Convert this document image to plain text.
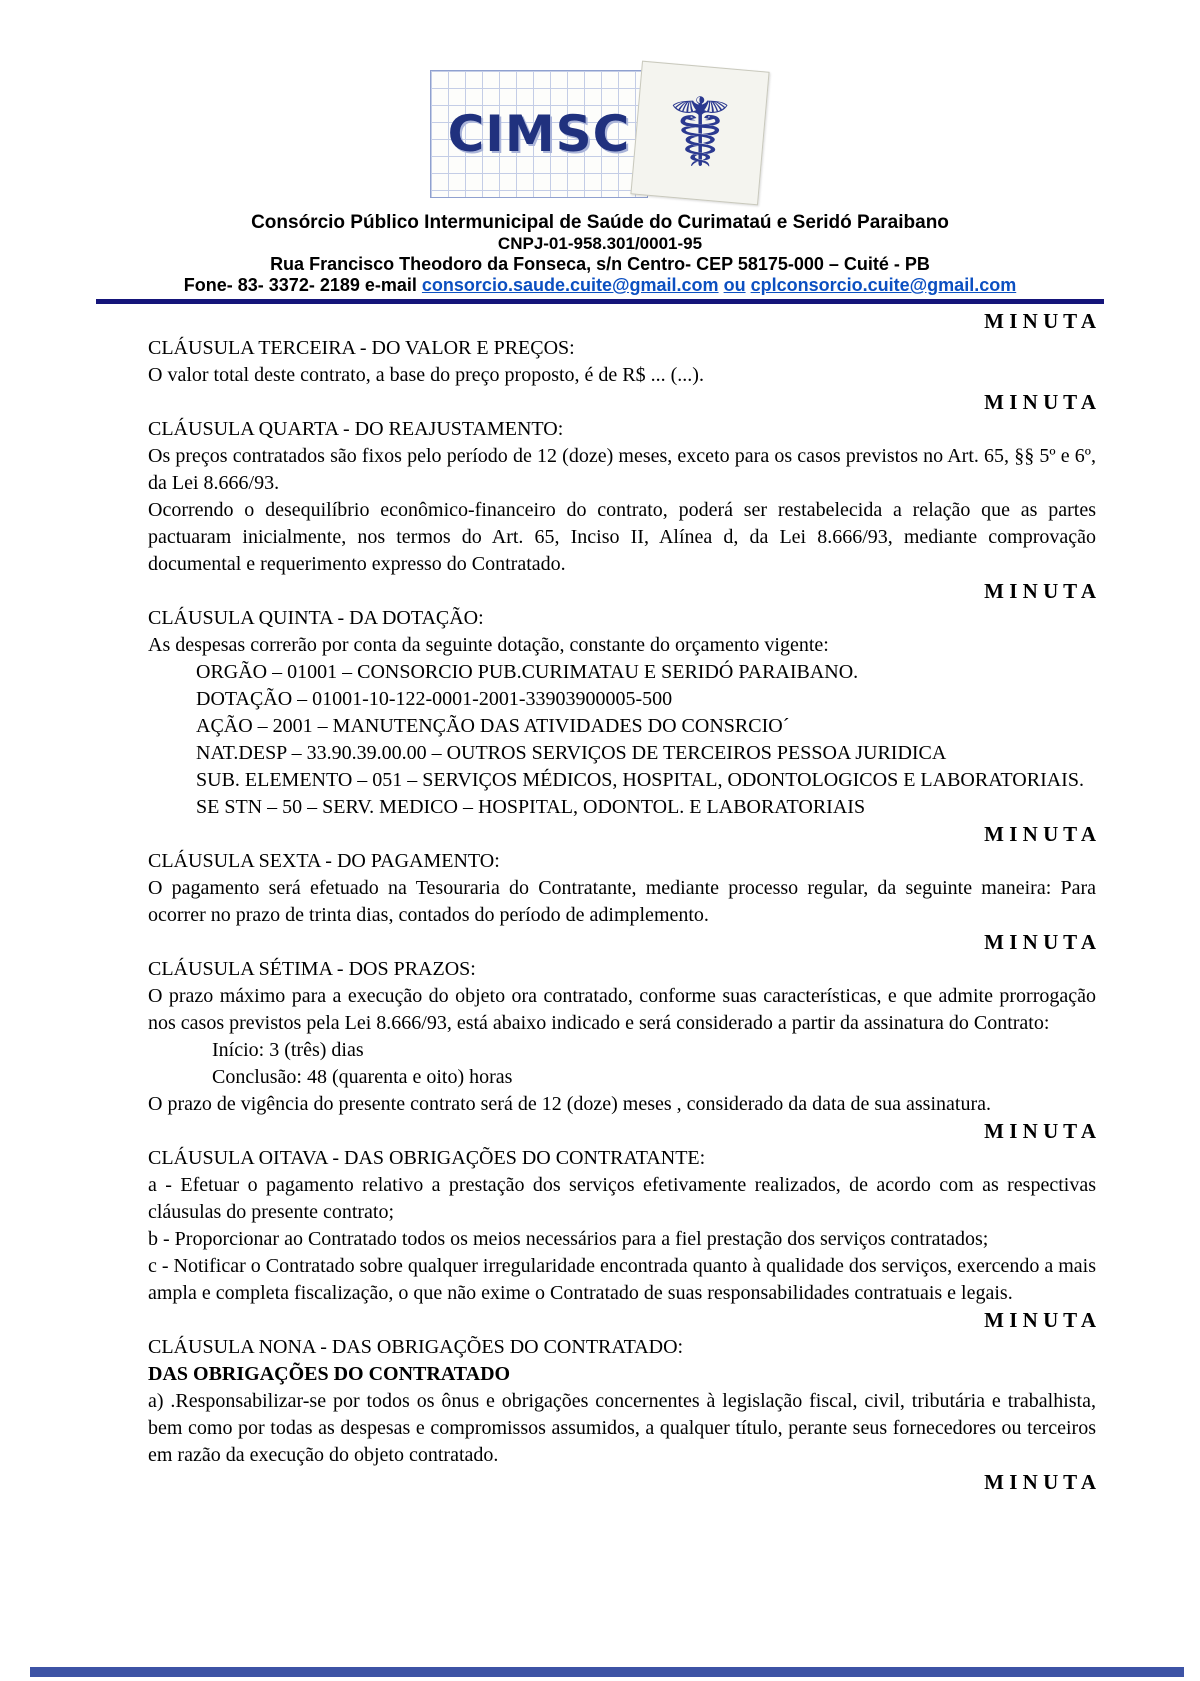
CIMSC ☤
Consórcio Público Intermunicipal de Saúde do Curimataú e Seridó Paraibano
CNPJ-01-958.301/0001-95
Rua Francisco Theodoro da Fonseca, s/n Centro- CEP 58175-000 – Cuité - PB
Fone- 83- 3372- 2189 e-mail consorcio.saude.cuite@gmail.com ou cplconsorcio.cuite@gmail.com
M I N U T A
CLÁUSULA TERCEIRA - DO VALOR E PREÇOS:
O valor total deste contrato, a base do preço proposto, é de R$ ... (...).
M I N U T A
CLÁUSULA QUARTA - DO REAJUSTAMENTO:
Os preços contratados são fixos pelo período de 12 (doze) meses, exceto para os casos previstos no Art. 65, §§ 5º e 6º, da Lei 8.666/93.
Ocorrendo o desequilíbrio econômico-financeiro do contrato, poderá ser restabelecida a relação que as partes pactuaram inicialmente, nos termos do Art. 65, Inciso II, Alínea d, da Lei 8.666/93, mediante comprovação documental e requerimento expresso do Contratado.
M I N U T A
CLÁUSULA QUINTA - DA DOTAÇÃO:
As despesas correrão por conta da seguinte dotação, constante do orçamento vigente:
ORGÃO – 01001 – CONSORCIO PUB.CURIMATAU E SERIDÓ PARAIBANO.
DOTAÇÃO – 01001-10-122-0001-2001-33903900005-500
AÇÃO – 2001 – MANUTENÇÃO DAS ATIVIDADES DO CONSRCIO´
NAT.DESP – 33.90.39.00.00 – OUTROS SERVIÇOS DE TERCEIROS PESSOA JURIDICA
SUB. ELEMENTO – 051 – SERVIÇOS MÉDICOS, HOSPITAL, ODONTOLOGICOS E LABORATORIAIS.
SE STN – 50 – SERV. MEDICO – HOSPITAL, ODONTOL. E LABORATORIAIS
M I N U T A
CLÁUSULA SEXTA - DO PAGAMENTO:
O pagamento será efetuado na Tesouraria do Contratante, mediante processo regular, da seguinte maneira: Para ocorrer no prazo de trinta dias, contados do período de adimplemento.
M I N U T A
CLÁUSULA SÉTIMA - DOS PRAZOS:
O prazo máximo para a execução do objeto ora contratado, conforme suas características, e que admite prorrogação nos casos previstos pela Lei 8.666/93, está abaixo indicado e será considerado a partir da assinatura do Contrato:
Início: 3 (três) dias
Conclusão: 48 (quarenta e oito) horas
O prazo de vigência do presente contrato será de 12 (doze) meses , considerado da data de sua assinatura.
M I N U T A
CLÁUSULA OITAVA - DAS OBRIGAÇÕES DO CONTRATANTE:
a - Efetuar o pagamento relativo a prestação dos serviços efetivamente realizados, de acordo com as respectivas cláusulas do presente contrato;
b - Proporcionar ao Contratado todos os meios necessários para a fiel prestação dos serviços contratados;
c - Notificar o Contratado sobre qualquer irregularidade encontrada quanto à qualidade dos serviços, exercendo a mais ampla e completa fiscalização, o que não exime o Contratado de suas responsabilidades contratuais e legais.
M I N U T A
CLÁUSULA NONA - DAS OBRIGAÇÕES DO CONTRATADO:
DAS OBRIGAÇÕES DO CONTRATADO
a) .Responsabilizar-se por todos os ônus e obrigações concernentes à legislação fiscal, civil, tributária e trabalhista, bem como por todas as despesas e compromissos assumidos, a qualquer título, perante seus fornecedores ou terceiros em razão da execução do objeto contratado.
M I N U T A
